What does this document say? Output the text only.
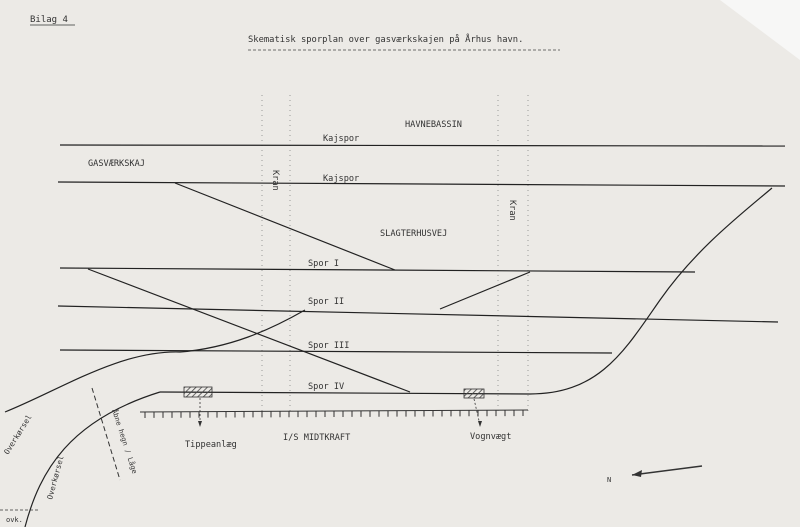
Bilag 4
Skematisk sporplan over gasværkskajen på Århus havn.
HAVNEBASSIN
Kajspor
Kajspor
GASVÆRKSKAJ
SLAGTERHUSVEJ
Spor I
Spor II
Spor III
Spor IV
Kran
Kran
I/S MIDTKRAFT
Tippeanlæg
Vognvægt
Overkørsel
Overkørsel
Åbne hegn / Låge
N
ovk.
